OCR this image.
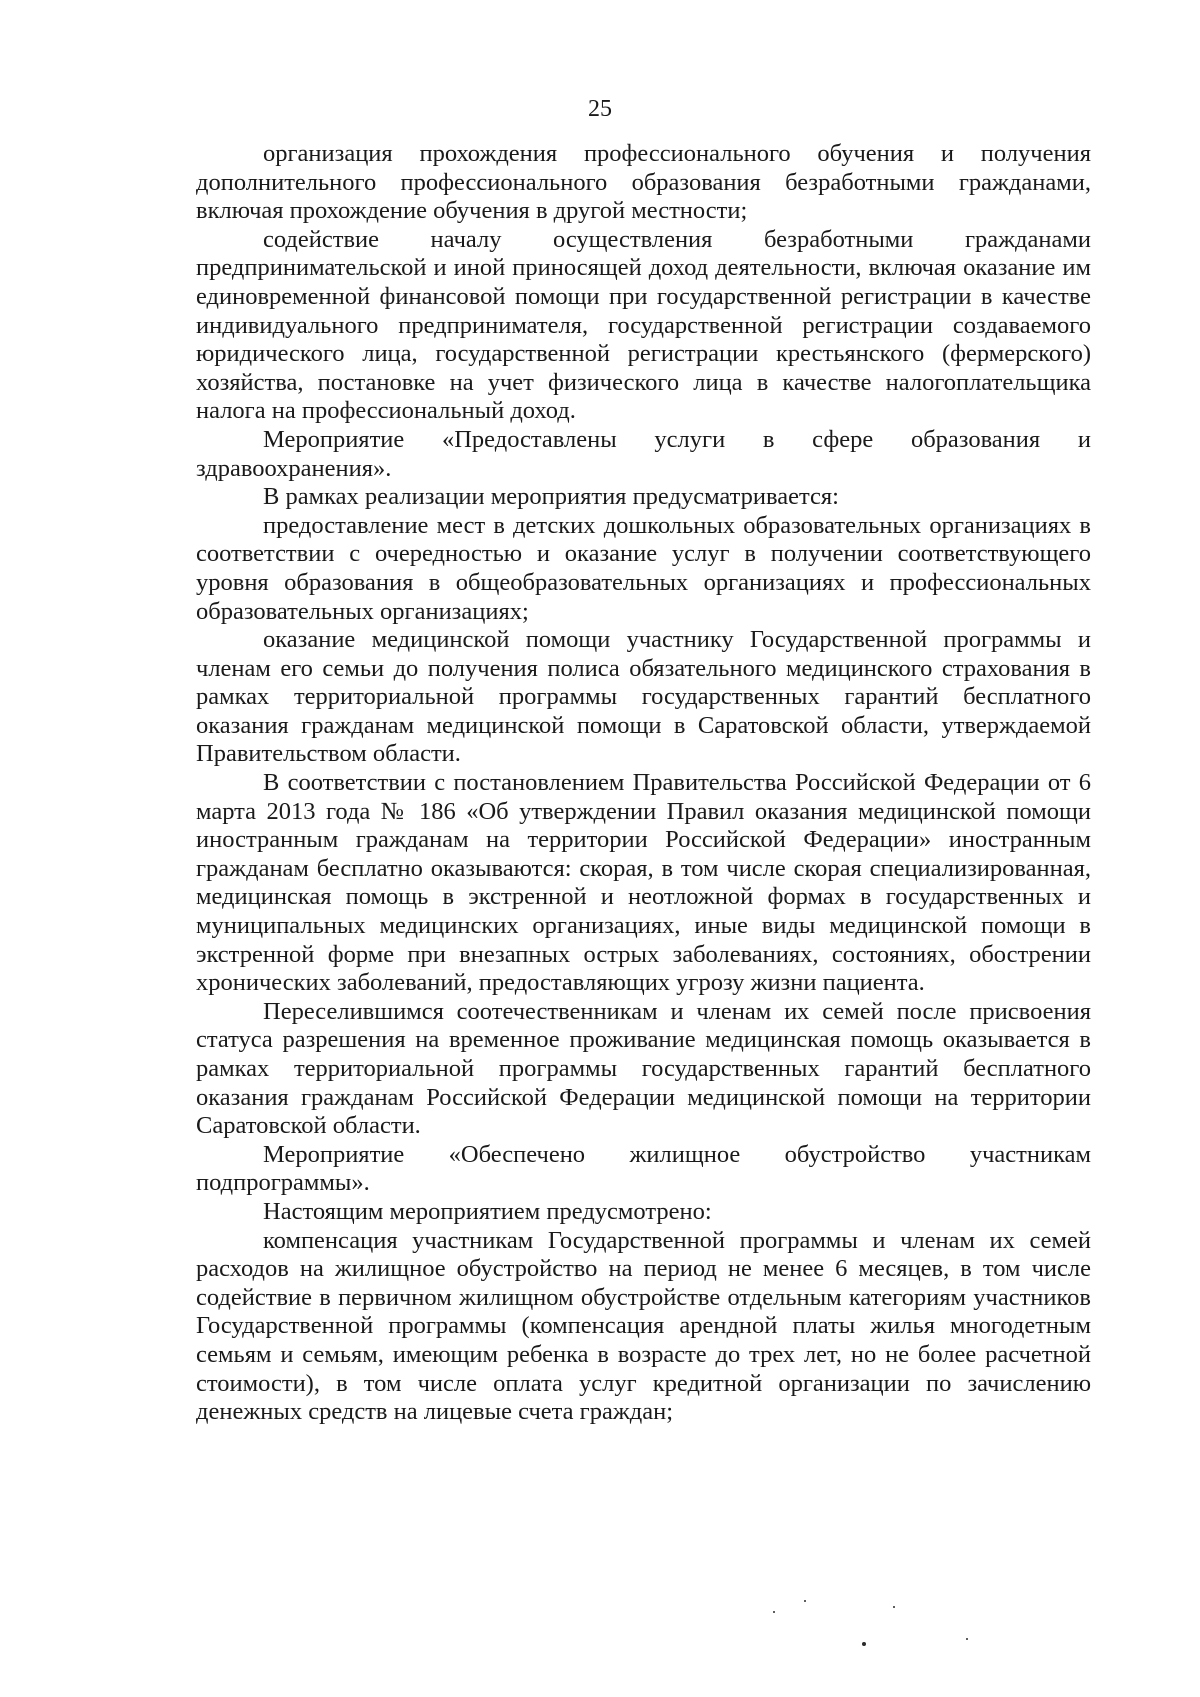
25

организация прохождения профессионального обучения и получения дополнительного профессионального образования безработными гражданами, включая прохождение обучения в другой местности;

содействие началу осуществления безработными гражданами предпринимательской и иной приносящей доход деятельности, включая оказание им единовременной финансовой помощи при государственной регистрации в качестве индивидуального предпринимателя, государственной регистрации создаваемого юридического лица, государственной регистрации крестьянского (фермерского) хозяйства, постановке на учет физического лица в качестве налогоплательщика налога на профессиональный доход.

Мероприятие «Предоставлены услуги в сфере образования и здравоохранения».

В рамках реализации мероприятия предусматривается:

предоставление мест в детских дошкольных образовательных организациях в соответствии с очередностью и оказание услуг в получении соответствующего уровня образования в общеобразовательных организациях и профессиональных образовательных организациях;

оказание медицинской помощи участнику Государственной программы и членам его семьи до получения полиса обязательного медицинского страхования в рамках территориальной программы государственных гарантий бесплатного оказания гражданам медицинской помощи в Саратовской области, утверждаемой Правительством области.

В соответствии с постановлением Правительства Российской Федерации от 6 марта 2013 года № 186 «Об утверждении Правил оказания медицинской помощи иностранным гражданам на территории Российской Федерации» иностранным гражданам бесплатно оказываются: скорая, в том числе скорая специализированная, медицинская помощь в экстренной и неотложной формах в государственных и муниципальных медицинских организациях, иные виды медицинской помощи в экстренной форме при внезапных острых заболеваниях, состояниях, обострении хронических заболеваний, предоставляющих угрозу жизни пациента.

Переселившимся соотечественникам и членам их семей после присвоения статуса разрешения на временное проживание медицинская помощь оказывается в рамках территориальной программы государственных гарантий бесплатного оказания гражданам Российской Федерации медицинской помощи на территории Саратовской области.

Мероприятие «Обеспечено жилищное обустройство участникам подпрограммы».

Настоящим мероприятием предусмотрено:

компенсация участникам Государственной программы и членам их семей расходов на жилищное обустройство на период не менее 6 месяцев, в том числе содействие в первичном жилищном обустройстве отдельным категориям участников Государственной программы (компенсация арендной платы жилья многодетным семьям и семьям, имеющим ребенка в возрасте до трех лет, но не более расчетной стоимости), в том числе оплата услуг кредитной организации по зачислению денежных средств на лицевые счета граждан;
